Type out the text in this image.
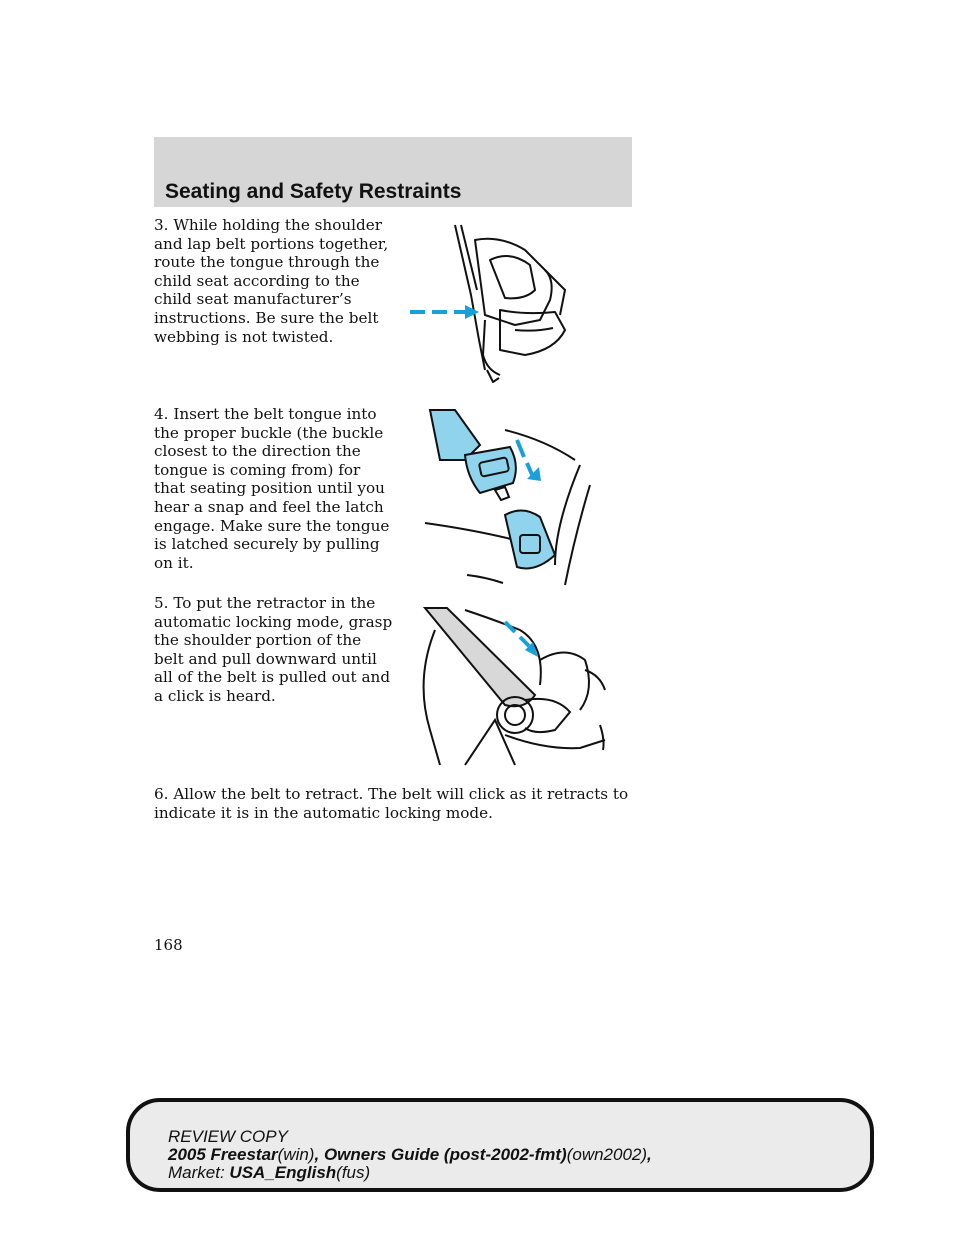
Seating and Safety Restraints
3. While holding the shoulder and lap belt portions together, route the tongue through the child seat according to the child seat manufacturer’s instructions. Be sure the belt webbing is not twisted.
4. Insert the belt tongue into the proper buckle (the buckle closest to the direction the tongue is coming from) for that seating position until you hear a snap and feel the latch engage. Make sure the tongue is latched securely by pulling on it.
5. To put the retractor in the automatic locking mode, grasp the shoulder portion of the belt and pull downward until all of the belt is pulled out and a click is heard.
6. Allow the belt to retract. The belt will click as it retracts to indicate it is in the automatic locking mode.
168
REVIEW COPY
2005 Freestar(win), Owners Guide (post-2002-fmt)(own2002),
Market: USA_English(fus)
